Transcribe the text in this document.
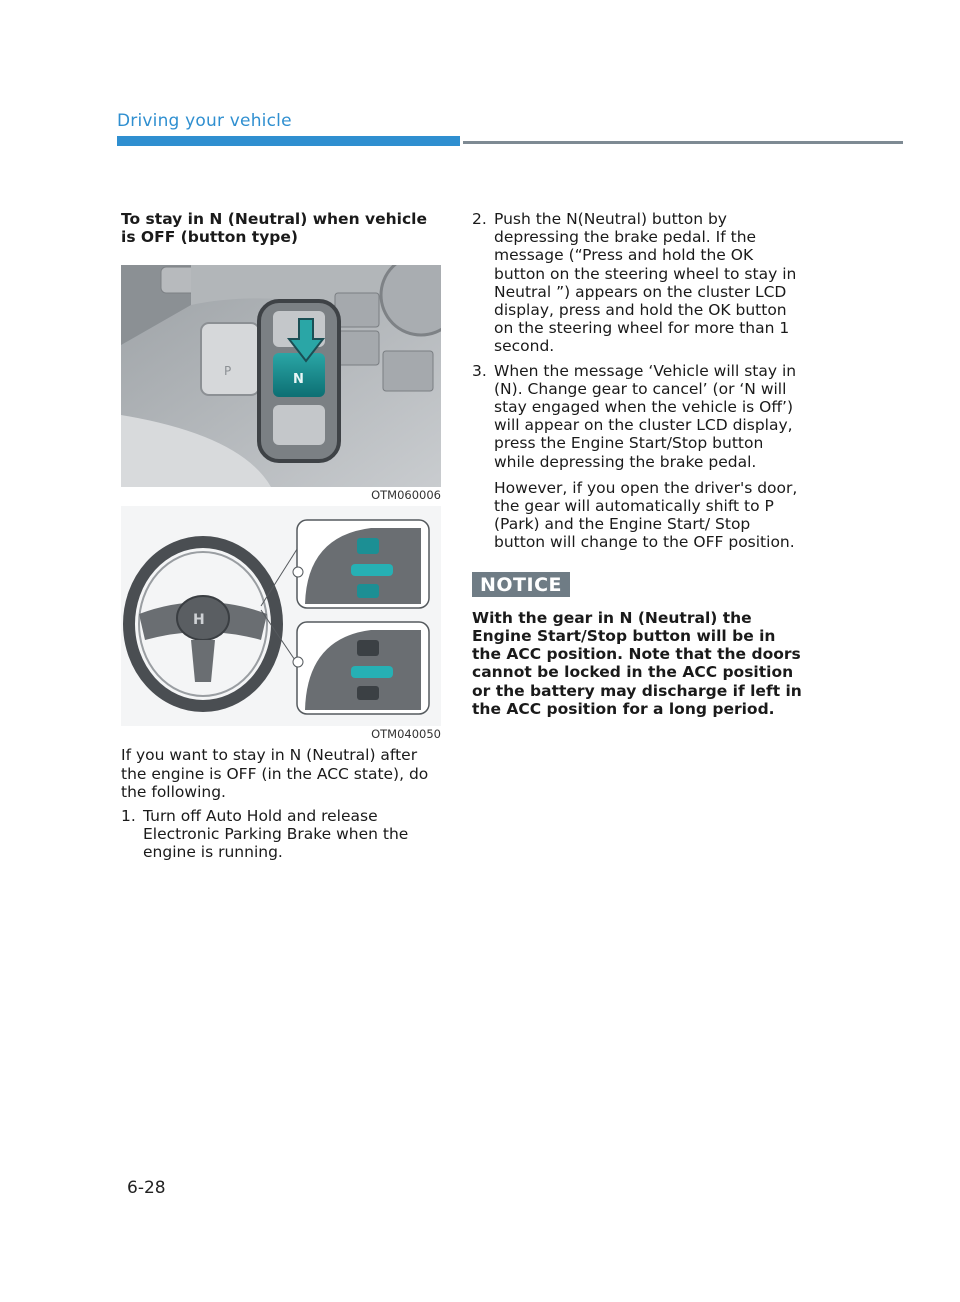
Driving your vehicle
To stay in N (Neutral) when vehicle is OFF (button type)
P
N
OTM060006
H
OTM040050

If you want to stay in N (Neutral) after the engine is OFF (in the ACC state), do the following.

1. Turn off Auto Hold and release Electronic Parking Brake when the engine is running.
2. Push the N(Neutral) button by depressing the brake pedal. If the message (“Press and hold the OK button on the steering wheel to stay in Neutral ”) appears on the cluster LCD display, press and hold the OK button on the steering wheel for more than 1 second.
3. When the message ‘Vehicle will stay in (N). Change gear to cancel’ (or ‘N will stay engaged when the vehicle is Off’) will appear on the cluster LCD display, press the Engine Start/Stop button while depressing the brake pedal.

However, if you open the driver's door, the gear will automatically shift to P (Park) and the Engine Start/ Stop button will change to the OFF position.

NOTICE

With the gear in N (Neutral) the Engine Start/Stop button will be in the ACC position. Note that the doors cannot be locked in the ACC position or the battery may discharge if left in the ACC position for a long period.

6-28
